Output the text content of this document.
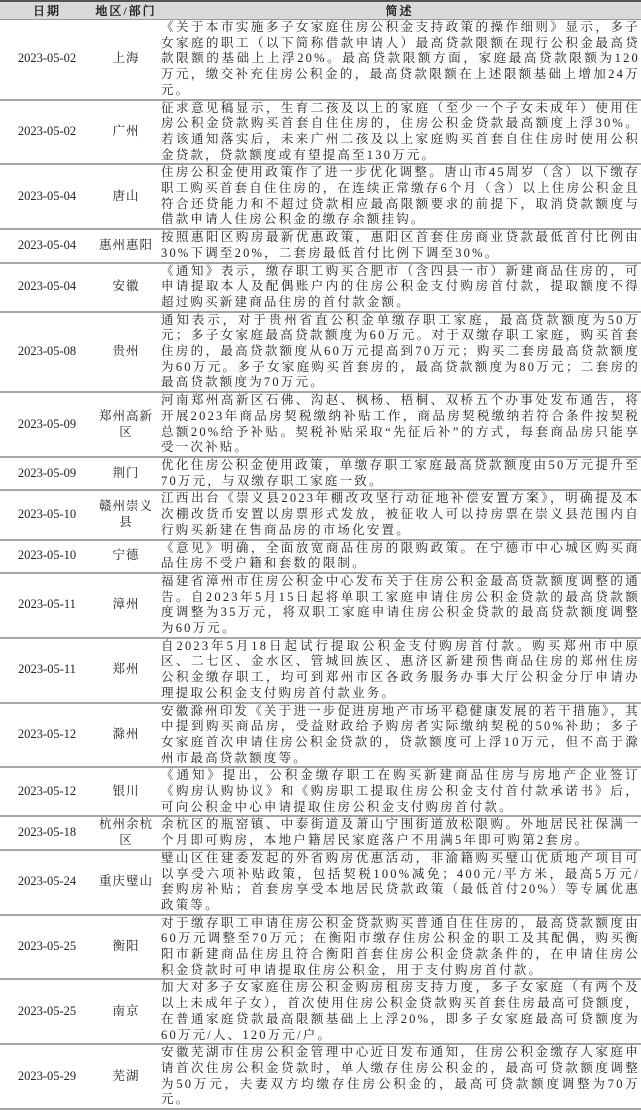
日期	地区/部门	简述
2023-05-02	上海	《关于本市实施多子女家庭住房公积金支持政策的操作细则》显示，多子女家庭的职工（以下简称借款申请人）最高贷款限额在现行公积金最高贷款限额的基础上上浮20%。最高贷款限额方面，家庭最高贷款限额为120万元，缴交补充住房公积金的，最高贷款限额在上述限额基础上增加24万元。
2023-05-02	广州	征求意见稿显示，生育二孩及以上的家庭（至少一个子女未成年）使用住房公积金贷款购买首套自住住房的，住房公积金贷款最高额度上浮30%。若该通知落实后，未来广州二孩及以上家庭购买首套自住住房时使用公积金贷款，贷款额度或有望提高至130万元。
2023-05-04	唐山	住房公积金使用政策作了进一步优化调整。唐山市45周岁（含）以下缴存职工购买首套自住住房的，在连续正常缴存6个月（含）以上住房公积金且符合还贷能力和不超过贷款相应最高限额要求的前提下，取消贷款额度与借款申请人住房公积金的缴存余额挂钩。
2023-05-04	惠州惠阳	按照惠阳区购房最新优惠政策，惠阳区首套住房商业贷款最低首付比例由30%下调至20%，二套房最低首付比例下调至30%。
2023-05-04	安徽	《通知》表示，缴存职工购买合肥市（含四县一市）新建商品住房的，可申请提取本人及配偶账户内的住房公积金支付购房首付款，提取额度不得超过购买新建商品住房的首付款金额。
2023-05-08	贵州	通知表示，对于贵州省直公积金单缴存职工家庭，最高贷款额度为50万元；多子女家庭最高贷款额度为60万元。对于双缴存职工家庭，购买首套住房的，最高贷款额度从60万元提高到70万元；购买二套房最高贷款额度为60万元。多子女家庭购买首套房的，最高贷款额度为80万元；二套房的最高贷款额度为70万元。
2023-05-09	郑州高新区	河南郑州高新区石佛、沟赵、枫杨、梧桐、双桥五个办事处发布通告，将开展2023年商品房契税缴纳补贴工作，商品房契税缴纳若符合条件按契税总额20%给予补贴。契税补贴采取“先征后补”的方式，每套商品房只能享受一次补贴。
2023-05-09	荆门	优化住房公积金使用政策，单缴存职工家庭最高贷款额度由50万元提升至70万元，与双缴存职工家庭一致。
2023-05-10	赣州崇义县	江西出台《崇义县2023年棚改攻坚行动征地补偿安置方案》，明确提及本次棚改货币安置以房票形式发放，被征收人可以持房票在崇义县范围内自行购买新建在售商品房的市场化安置。
2023-05-10	宁德	《意见》明确，全面放宽商品住房的限购政策。在宁德市中心城区购买商品住房不受户籍和套数的限制。
2023-05-11	漳州	福建省漳州市住房公积金中心发布关于住房公积金最高贷款额度调整的通告。自2023年5月15日起将单职工家庭申请住房公积金贷款的最高贷款额度调整为35万元，将双职工家庭申请住房公积金贷款的最高贷款额度调整为60万元。
2023-05-11	郑州	自2023年5月18日起试行提取公积金支付购房首付款。购买郑州市中原区、二七区、金水区、管城回族区、惠济区新建预售商品住房的郑州住房公积金缴存职工，均可到郑州市区各政务服务办事大厅公积金分厅申请办理提取公积金支付购房首付款业务。
2023-05-12	滁州	安徽滁州印发《关于进一步促进房地产市场平稳健康发展的若干措施》，其中提到购买商品房，受益财政给予购房者实际缴纳契税的50%补助；多子女家庭首次申请住房公积金贷款的，贷款额度可上浮10万元，但不高于滁州市最高贷款额度等。
2023-05-12	银川	《通知》提出，公积金缴存职工在购买新建商品住房与房地产企业签订《购房认购协议》和《购房职工提取住房公积金支付首付款承诺书》后，可向公积金中心申请提取住房公积金支付购房首付款。
2023-05-18	杭州余杭区	余杭区的瓶窑镇、中泰街道及萧山宁围街道放松限购。外地居民社保满一个月即可购房，本地户籍居民家庭落户不用满5年即可购第2套房。
2023-05-24	重庆璧山	璧山区住建委发起的外省购房优惠活动，非渝籍购买璧山优质地产项目可以享受六项补贴政策，包括契税100%减免；400元/平方米，最高5万元/套购房补贴；首套房享受本地居民贷款政策（最低首付20%）等专属优惠政策等。
2023-05-25	衡阳	对于缴存职工申请住房公积金贷款购买普通自住住房的，最高贷款额度由60万元调整至70万元；在衡阳市缴存住房公积金的职工及其配偶，购买衡阳市新建商品住房且符合衡阳首套住房公积金贷款条件的，在申请住房公积金贷款时可申请提取住房公积金，用于支付购房首付款。
2023-05-25	南京	加大对多子女家庭住房公积金购房租房支持力度，多子女家庭（有两个及以上未成年子女），首次使用住房公积金贷款购买首套住房最高可贷额度，在普通家庭贷款最高限额基础上上浮20%，即多子女家庭最高可贷额度为60万元/人、120万元/户。
2023-05-29	芜湖	安徽芜湖市住房公积金管理中心近日发布通知，住房公积金缴存人家庭申请首次住房公积金贷款时，单人缴存住房公积金的，最高可贷款额度调整为50万元，夫妻双方均缴存住房公积金的，最高可贷款额度调整为70万元。
